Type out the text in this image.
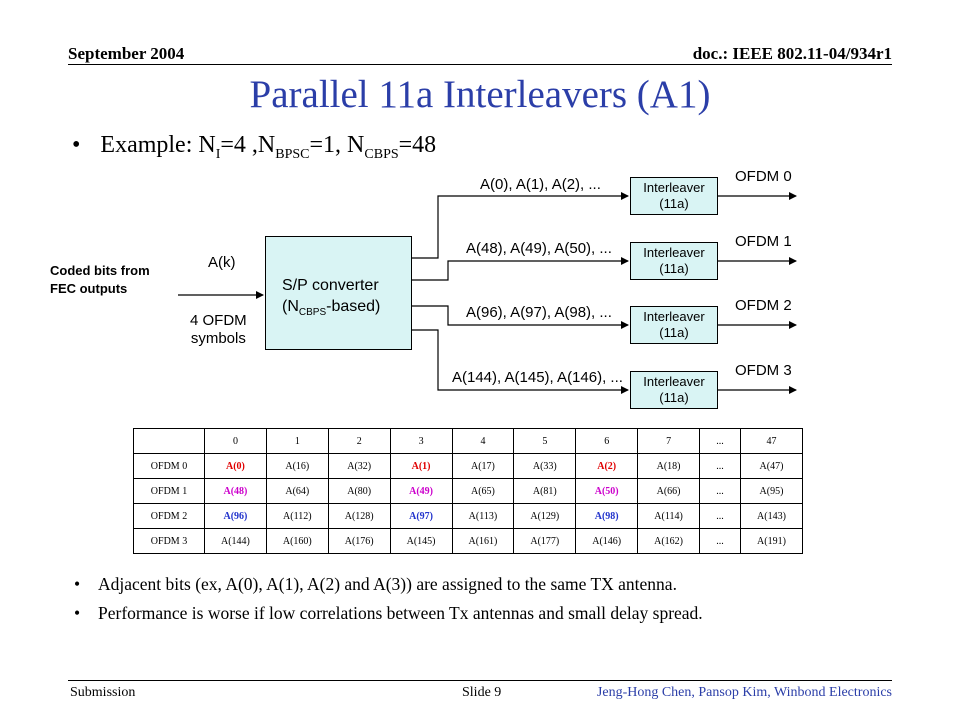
September 2004	doc.: IEEE 802.11-04/934r1
Parallel 11a Interleavers (A1)
• Example: $N_I=4$ $,N_{BPSC}=1$, $N_{CBPS}=48$
Coded bits from
FEC outputs
A(k)
4 OFDM
symbols
S/P converter
$(N_{CBPS}-based)$
A(0), A(1), A(2), ...	Interleaver
(11a)
OFDM 0
A(48), A(49), A(50), ...	Interleaver
(11a)
OFDM 1
A(96), A(97), A(98), ...	Interleaver
(11a)
OFDM 2
A(144), A(145), A(146), ...	Interleaver
(11a)
OFDM 3
	0	1	2	3	4	5	6	7	...	47
OFDM 0	A(0)	A(16)	A(32)	A(1)	A(17)	A(33)	A(2)	A(18)	...	A(47)
OFDM 1	A(48)	A(64)	A(80)	A(49)	A(65)	A(81)	A(50)	A(66)	...	A(95)
OFDM 2	A(96)	A(112)	A(128)	A(97)	A(113)	A(129)	A(98)	A(114)	...	A(143)
OFDM 3	A(144)	A(160)	A(176)	A(145)	A(161)	A(177)	A(146)	A(162)	...	A(191)
• Adjacent bits (ex, A(0), A(1), A(2) and A(3)) are assigned to the same TX antenna.
• Performance is worse if low correlations between Tx antennas and small delay spread.
Submission	Slide 9	Jeng-Hong Chen, Pansop Kim, Winbond Electronics
